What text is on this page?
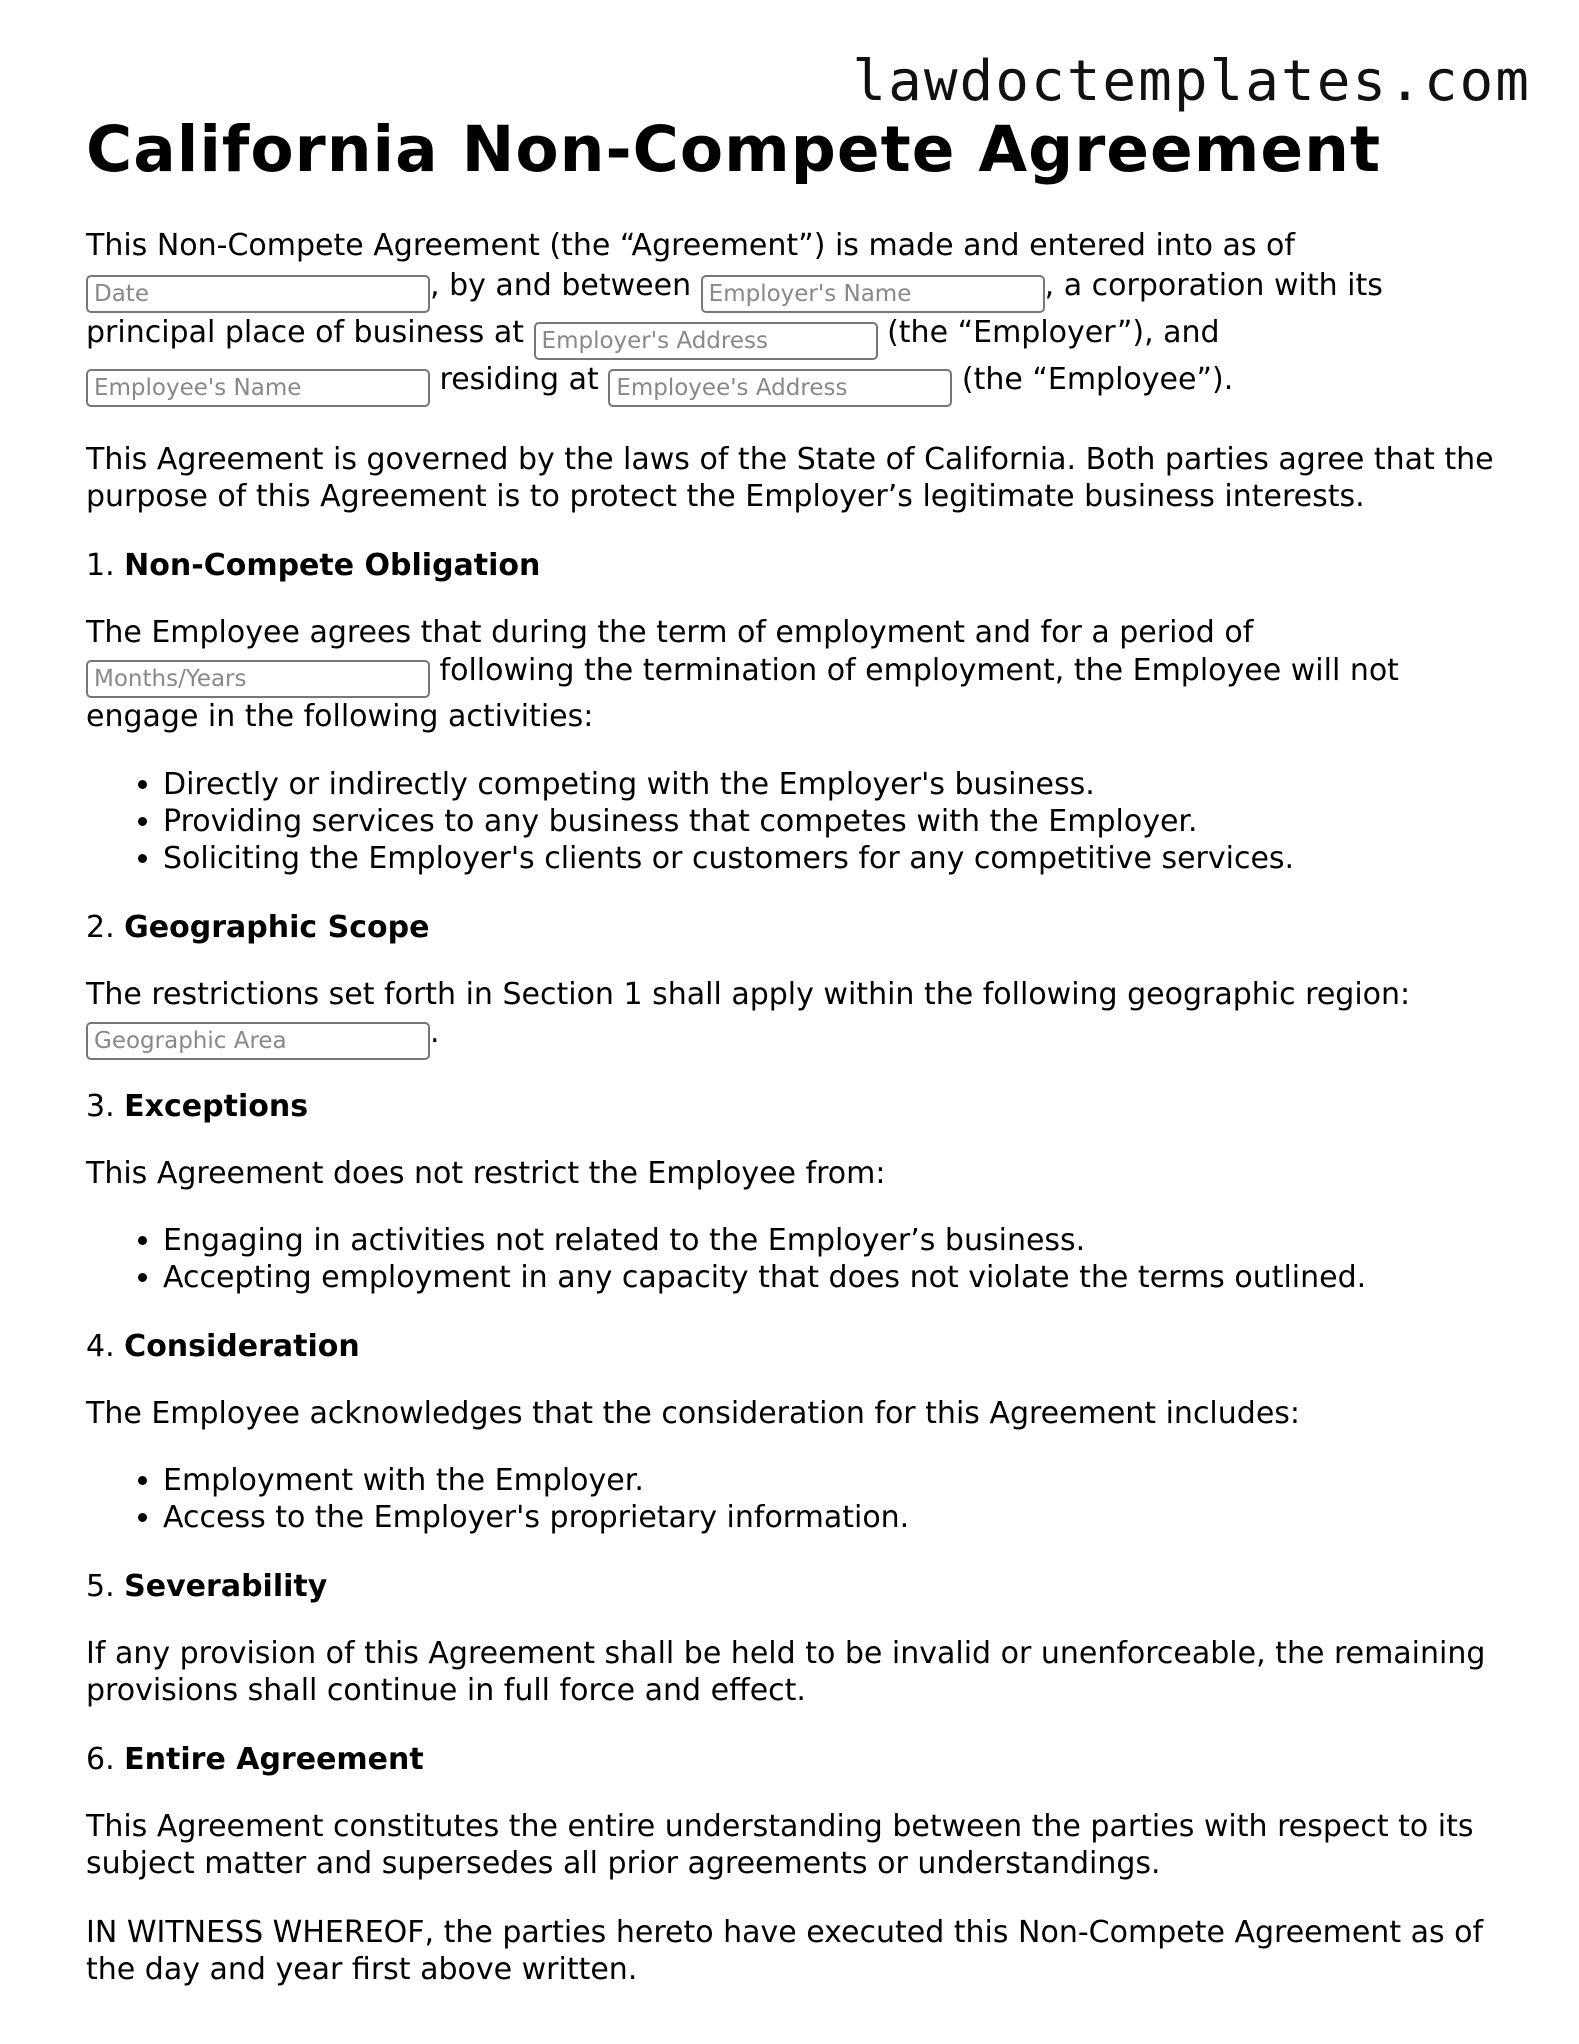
lawdoctemplates.com
California Non-Compete Agreement

This Non-Compete Agreement (the “Agreement”) is made and entered into as of
Date, by and between Employer's Name	, a corporation with its
principal place of business at Employer's Address	(the “Employer”), and
Employee's Name residing at Employee's Address	(the “Employee”).

This Agreement is governed by the laws of the State of California. Both parties agree that the purpose of this Agreement is to protect the Employer’s legitimate business interests.

1. Non-Compete Obligation

The Employee agrees that during the term of employment and for a period of
Months/Years following the termination of employment, the Employee will not engage in the following activities:

• Directly or indirectly competing with the Employer's business.
• Providing services to any business that competes with the Employer.
• Soliciting the Employer's clients or customers for any competitive services.

2. Geographic Scope

The restrictions set forth in Section 1 shall apply within the following geographic region:
Geographic Area.

3. Exceptions

This Agreement does not restrict the Employee from:

• Engaging in activities not related to the Employer’s business.
• Accepting employment in any capacity that does not violate the terms outlined.

4. Consideration

The Employee acknowledges that the consideration for this Agreement includes:

• Employment with the Employer.
• Access to the Employer's proprietary information.

5. Severability

If any provision of this Agreement shall be held to be invalid or unenforceable, the remaining provisions shall continue in full force and effect.

6. Entire Agreement

This Agreement constitutes the entire understanding between the parties with respect to its subject matter and supersedes all prior agreements or understandings.

IN WITNESS WHEREOF, the parties hereto have executed this Non-Compete Agreement as of the day and year first above written.
